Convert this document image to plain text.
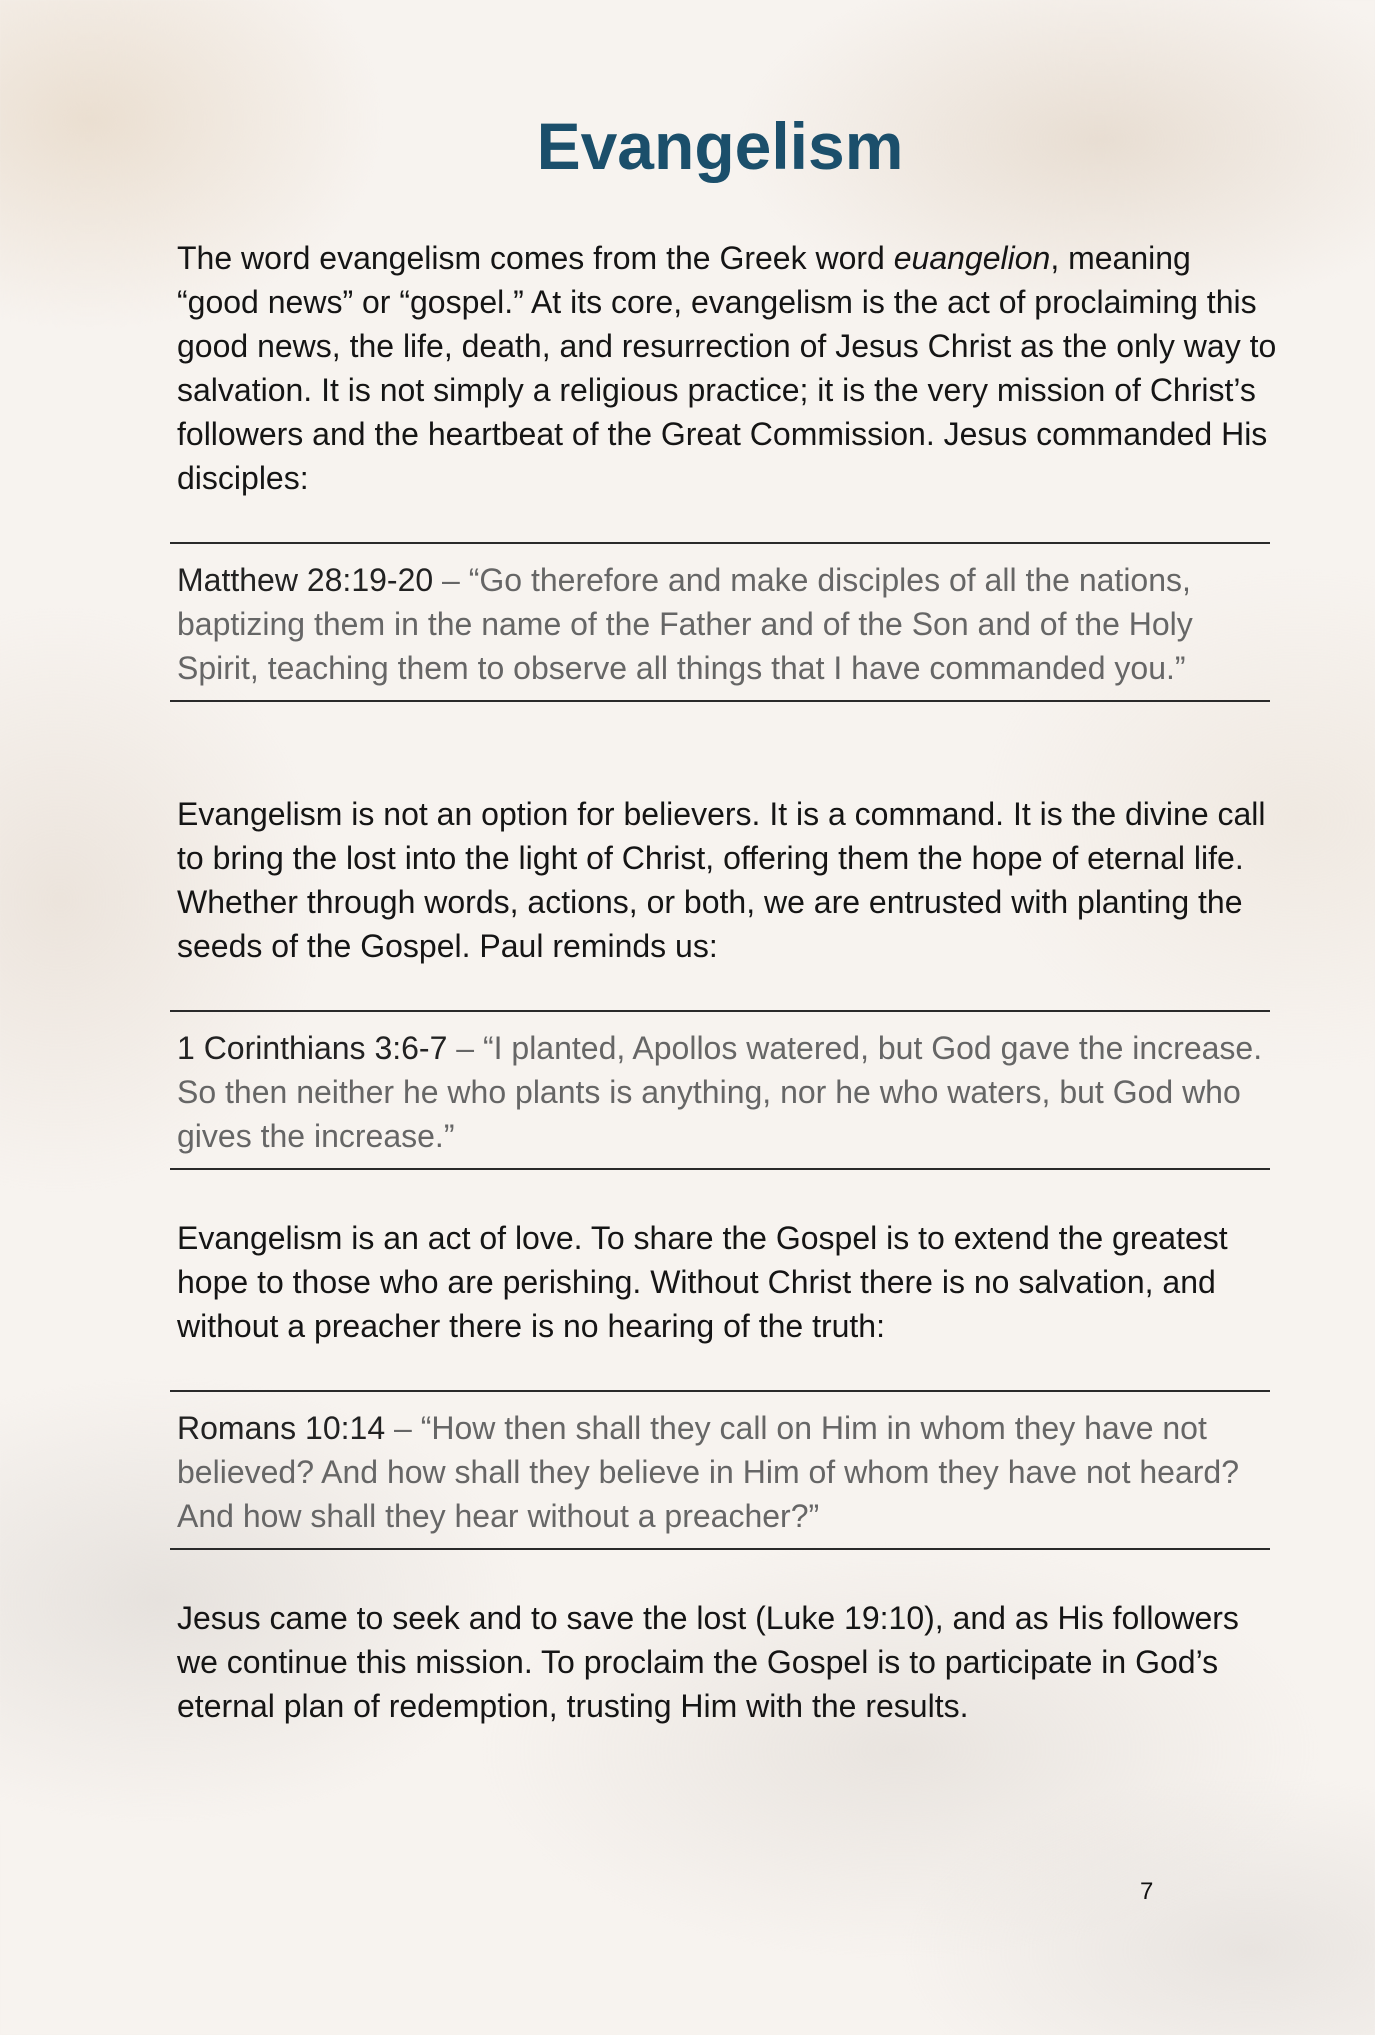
Evangelism

The word evangelism comes from the Greek word euangelion, meaning “good news” or “gospel.” At its core, evangelism is the act of proclaiming this good news, the life, death, and resurrection of Jesus Christ as the only way to salvation. It is not simply a religious practice; it is the very mission of Christ’s followers and the heartbeat of the Great Commission. Jesus commanded His disciples:

Matthew 28:19-20 – “Go therefore and make disciples of all the nations, baptizing them in the name of the Father and of the Son and of the Holy Spirit, teaching them to observe all things that I have commanded you.”

Evangelism is not an option for believers. It is a command. It is the divine call to bring the lost into the light of Christ, offering them the hope of eternal life. Whether through words, actions, or both, we are entrusted with planting the seeds of the Gospel. Paul reminds us:

1 Corinthians 3:6-7 – “I planted, Apollos watered, but God gave the increase. So then neither he who plants is anything, nor he who waters, but God who gives the increase.”

Evangelism is an act of love. To share the Gospel is to extend the greatest hope to those who are perishing. Without Christ there is no salvation, and without a preacher there is no hearing of the truth:

Romans 10:14 – “How then shall they call on Him in whom they have not believed? And how shall they believe in Him of whom they have not heard? And how shall they hear without a preacher?”

Jesus came to seek and to save the lost (Luke 19:10), and as His followers we continue this mission. To proclaim the Gospel is to participate in God’s eternal plan of redemption, trusting Him with the results.

7
